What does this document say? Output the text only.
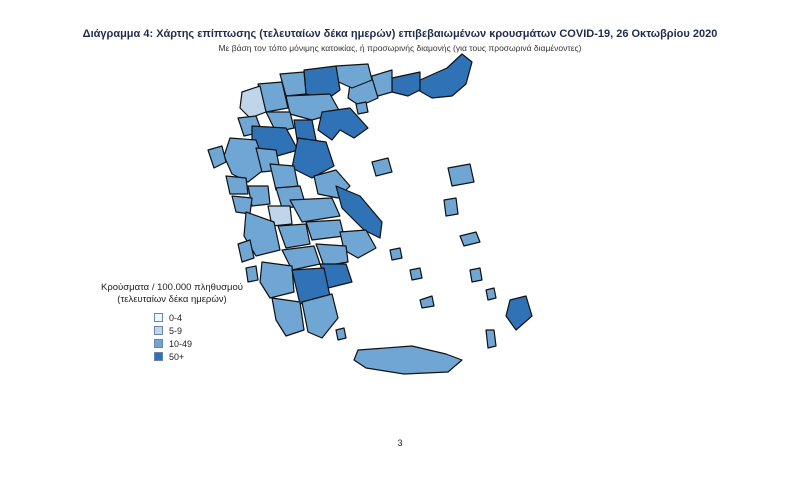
Διάγραμμα 4: Χάρτης επίπτωσης (τελευταίων δέκα ημερών) επιβεβαιωμένων κρουσμάτων COVID-19, 26 Οκτωβρίου 2020
Με βάση τον τόπο μόνιμης κατοικίας, ή προσωρινής διαμονής (για τους προσωρινά διαμένοντες)
Κρούσματα / 100.000 πληθυσμού
(τελευταίων δέκα ημερών)
0-4
5-9
10-49
50+
3
